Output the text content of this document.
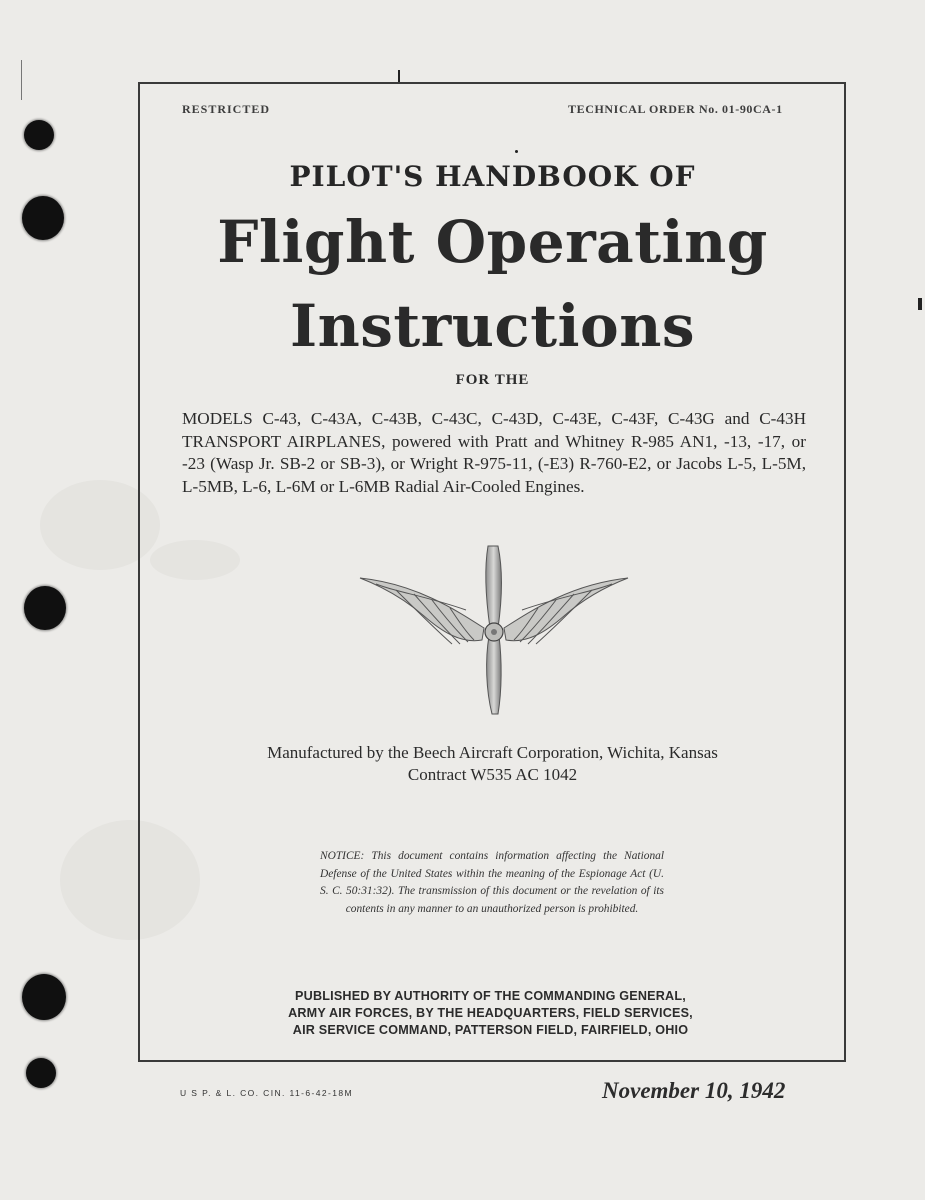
RESTRICTED	TECHNICAL ORDER No. 01-90CA-1
PILOT'S HANDBOOK OF
Flight Operating
Instructions
FOR THE
MODELS C-43, C-43A, C-43B, C-43C, C-43D, C-43E, C-43F, C-43G and C-43H TRANSPORT AIRPLANES, powered with Pratt and Whitney R-985 AN1, -13, -17, or -23 (Wasp Jr. SB-2 or SB-3), or Wright R-975-11, (-E3) R-760-E2, or Jacobs L-5, L-5M, L-5MB, L-6, L-6M or L-6MB Radial Air-Cooled Engines.
Manufactured by the Beech Aircraft Corporation, Wichita, Kansas
Contract W535 AC 1042
NOTICE: This document contains information affecting the National Defense of the United States within the meaning of the Espionage Act (U. S. C. 50:31:32). The transmission of this document or the revelation of its contents in any manner to an unauthorized person is prohibited.
PUBLISHED BY AUTHORITY OF THE COMMANDING GENERAL,
ARMY AIR FORCES, BY THE HEADQUARTERS, FIELD SERVICES,
AIR SERVICE COMMAND, PATTERSON FIELD, FAIRFIELD, OHIO
U S P. & L. CO. CIN. 11-6-42-18M	November 10, 1942
